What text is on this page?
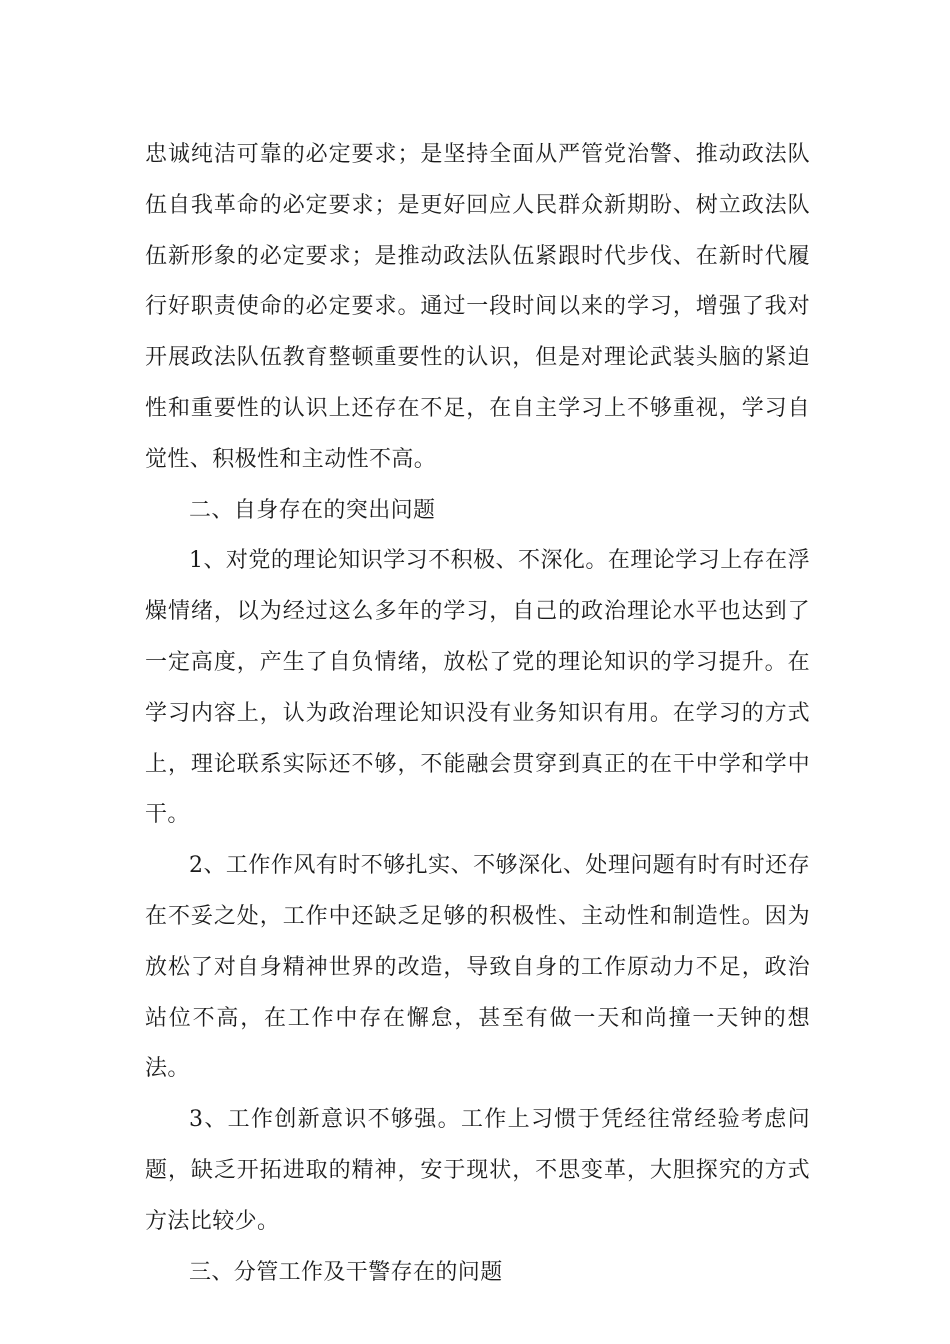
忠诚纯洁可靠的必定要求；是坚持全面从严管党治警、推动政法队伍自我革命的必定要求；是更好回应人民群众新期盼、树立政法队伍新形象的必定要求；是推动政法队伍紧跟时代步伐、在新时代履行好职责使命的必定要求。通过一段时间以来的学习，增强了我对开展政法队伍教育整顿重要性的认识，但是对理论武装头脑的紧迫性和重要性的认识上还存在不足，在自主学习上不够重视，学习自觉性、积极性和主动性不高。

二、自身存在的突出问题

1、对党的理论知识学习不积极、不深化。在理论学习上存在浮燥情绪，以为经过这么多年的学习，自己的政治理论水平也达到了一定高度，产生了自负情绪，放松了党的理论知识的学习提升。在学习内容上，认为政治理论知识没有业务知识有用。在学习的方式上，理论联系实际还不够，不能融会贯穿到真正的在干中学和学中干。

2、工作作风有时不够扎实、不够深化、处理问题有时有时还存在不妥之处，工作中还缺乏足够的积极性、主动性和制造性。因为放松了对自身精神世界的改造，导致自身的工作原动力不足，政治站位不高，在工作中存在懈怠，甚至有做一天和尚撞一天钟的想法。

3、工作创新意识不够强。工作上习惯于凭经往常经验考虑问题，缺乏开拓进取的精神，安于现状，不思变革，大胆探究的方式方法比较少。

三、分管工作及干警存在的问题
